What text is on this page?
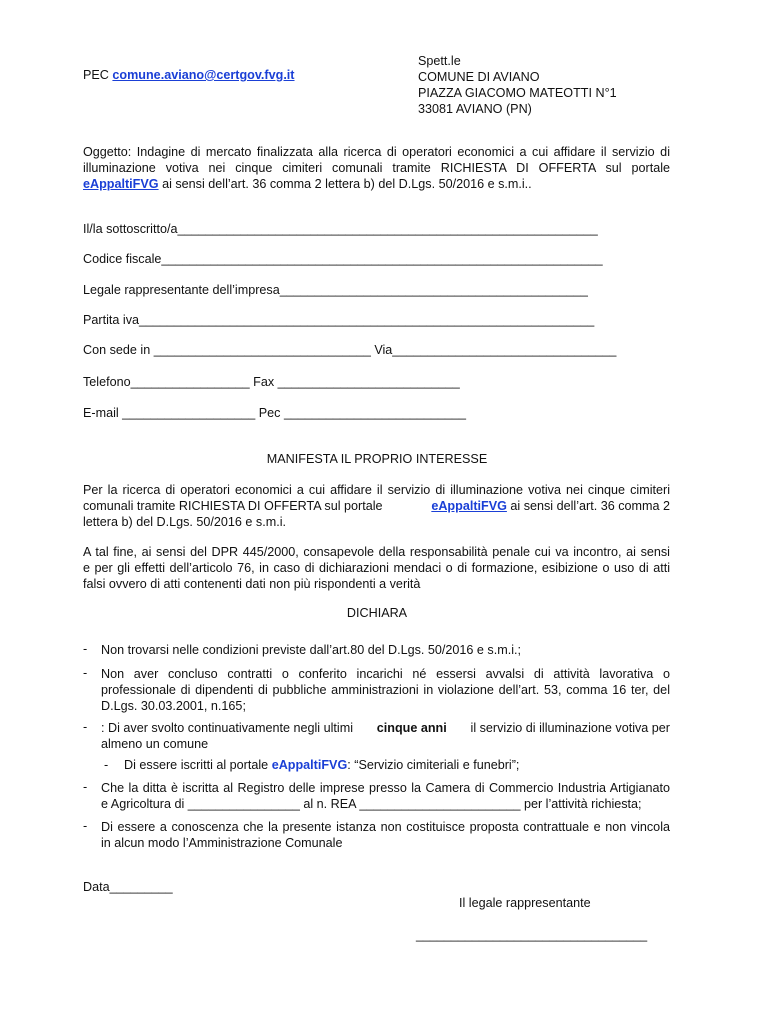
PEC comune.aviano@certgov.fvg.it
Spett.le
COMUNE DI AVIANO
PIAZZA GIACOMO MATEOTTI N°1
33081 AVIANO (PN)
Oggetto: Indagine di mercato finalizzata alla ricerca di operatori economici a cui affidare il servizio di
illuminazione votiva nei cinque cimiteri comunali tramite RICHIESTA DI OFFERTA sul portale
eAppaltiFVG ai sensi dell’art. 36 comma 2 lettera b) del D.Lgs. 50/2016 e s.m.i..
Il/la sottoscritto/a____________________________________________________________
Codice fiscale_______________________________________________________________
Legale rappresentante dell’impresa____________________________________________
Partita iva_________________________________________________________________
Con sede in _______________________________ Via________________________________
Telefono_________________ Fax __________________________
E-mail ___________________ Pec __________________________
MANIFESTA IL PROPRIO INTERESSE
Per la ricerca di operatori economici a cui affidare il servizio di illuminazione votiva nei cinque cimiteri
comunali tramite RICHIESTA DI OFFERTA sul portale	eAppaltiFVG ai sensi dell’art. 36 comma 2
lettera b) del D.Lgs. 50/2016 e s.m.i.
A tal fine, ai sensi del DPR 445/2000, consapevole della responsabilità penale cui va incontro, ai sensi
e per gli effetti dell’articolo 76, in caso di dichiarazioni mendaci o di formazione, esibizione o uso di atti
falsi ovvero di atti contenenti dati non più rispondenti a verità
DICHIARA
- Non trovarsi nelle condizioni previste dall’art.80 del D.Lgs. 50/2016 e s.m.i.;
- Non aver concluso contratti o conferito incarichi né essersi avvalsi di attività lavorativa o
professionale di dipendenti di pubbliche amministrazioni in violazione dell’art. 53, comma 16 ter, del
D.Lgs. 30.03.2001, n.165;
- : Di aver svolto continuativamente negli ultimi cinque anni il servizio di illuminazione votiva per
almeno un comune
- Di essere iscritti al portale eAppaltiFVG: “Servizio cimiteriali e funebri”;
- Che la ditta è iscritta al Registro delle imprese presso la Camera di Commercio Industria Artigianato
e Agricoltura di ________________ al n. REA _______________________ per l’attività richiesta;
- Di essere a conoscenza che la presente istanza non costituisce proposta contrattuale e non vincola
in alcun modo l’Amministrazione Comunale
Data_________
Il legale rappresentante
_________________________________
